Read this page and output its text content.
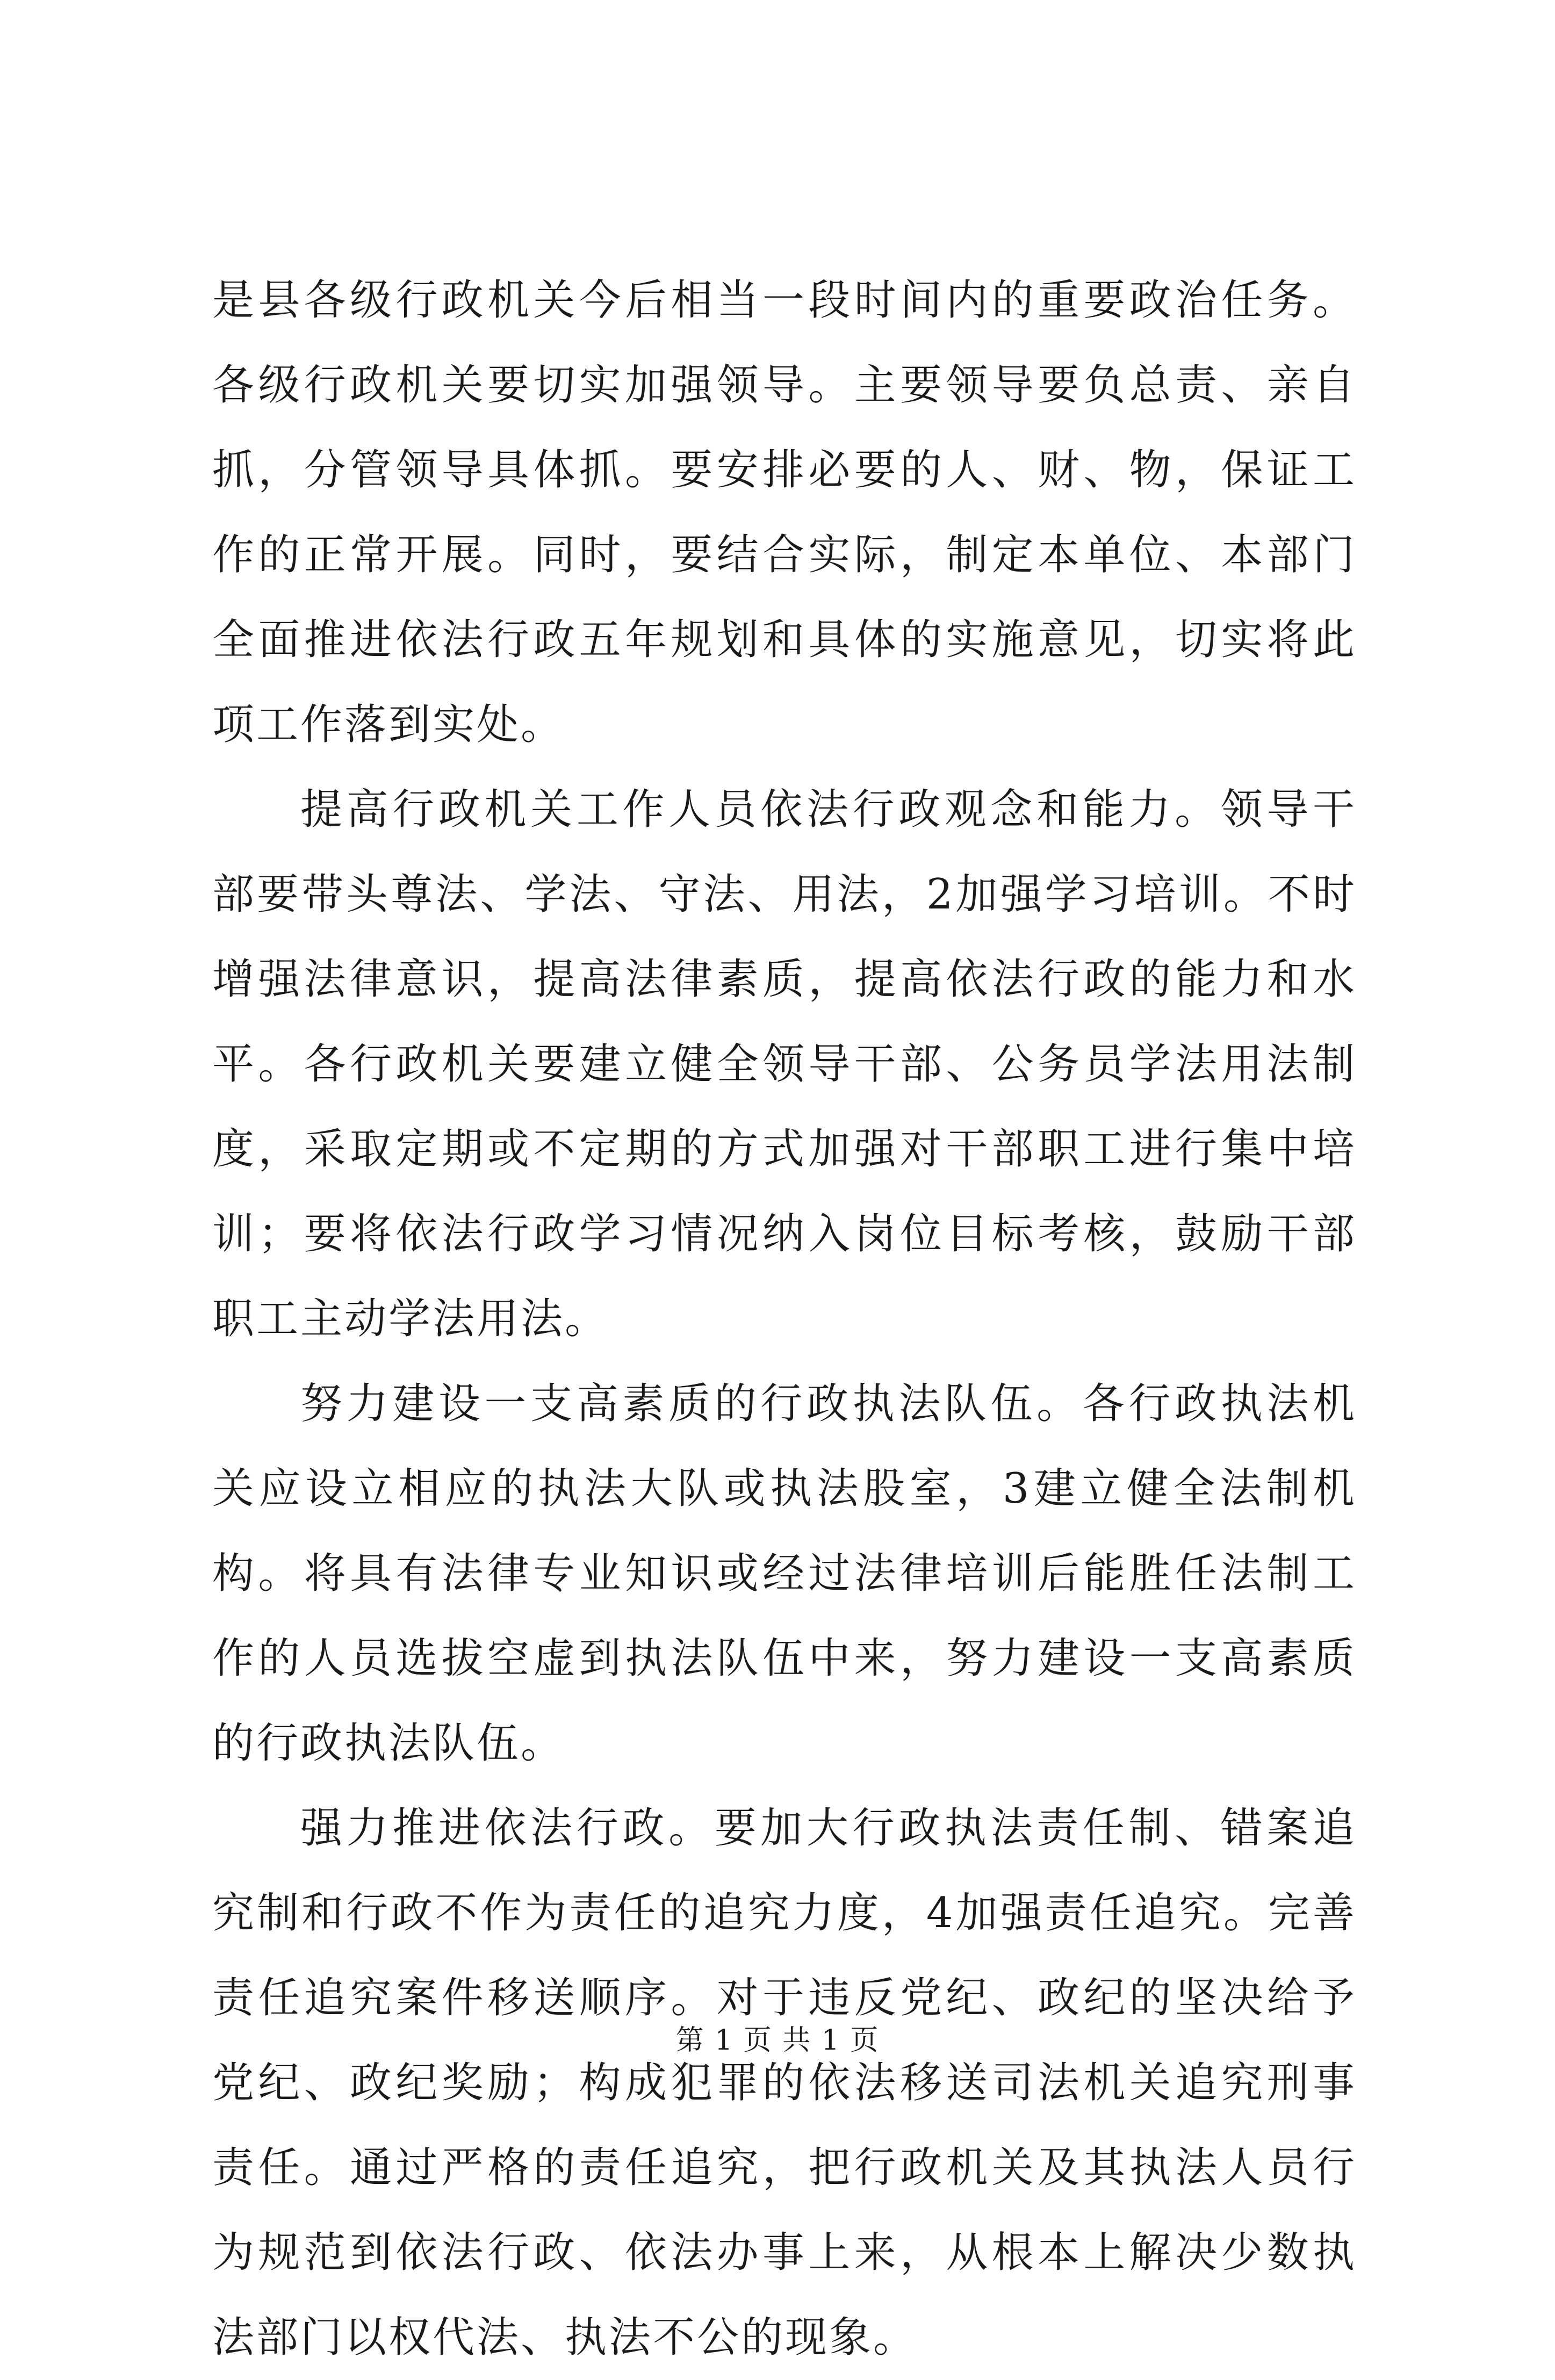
是县各级行政机关今后相当一段时间内的重要政治任务。各级行政机关要切实加强领导。主要领导要负总责、亲自抓，分管领导具体抓。要安排必要的人、财、物，保证工作的正常开展。同时，要结合实际，制定本单位、本部门全面推进依法行政五年规划和具体的实施意见，切实将此项工作落到实处。

提高行政机关工作人员依法行政观念和能力。领导干部要带头尊法、学法、守法、用法，2加强学习培训。不时增强法律意识，提高法律素质，提高依法行政的能力和水平。各行政机关要建立健全领导干部、公务员学法用法制度，采取定期或不定期的方式加强对干部职工进行集中培训；要将依法行政学习情况纳入岗位目标考核，鼓励干部职工主动学法用法。

努力建设一支高素质的行政执法队伍。各行政执法机关应设立相应的执法大队或执法股室，3建立健全法制机构。将具有法律专业知识或经过法律培训后能胜任法制工作的人员选拔空虚到执法队伍中来，努力建设一支高素质的行政执法队伍。

强力推进依法行政。要加大行政执法责任制、错案追究制和行政不作为责任的追究力度，4加强责任追究。完善责任追究案件移送顺序。对于违反党纪、政纪的坚决给予党纪、政纪奖励；构成犯罪的依法移送司法机关追究刑事责任。通过严格的责任追究，把行政机关及其执法人员行为规范到依法行政、依法办事上来，从根本上解决少数执法部门以权代法、执法不公的现象。

第 1 页 共 1 页
